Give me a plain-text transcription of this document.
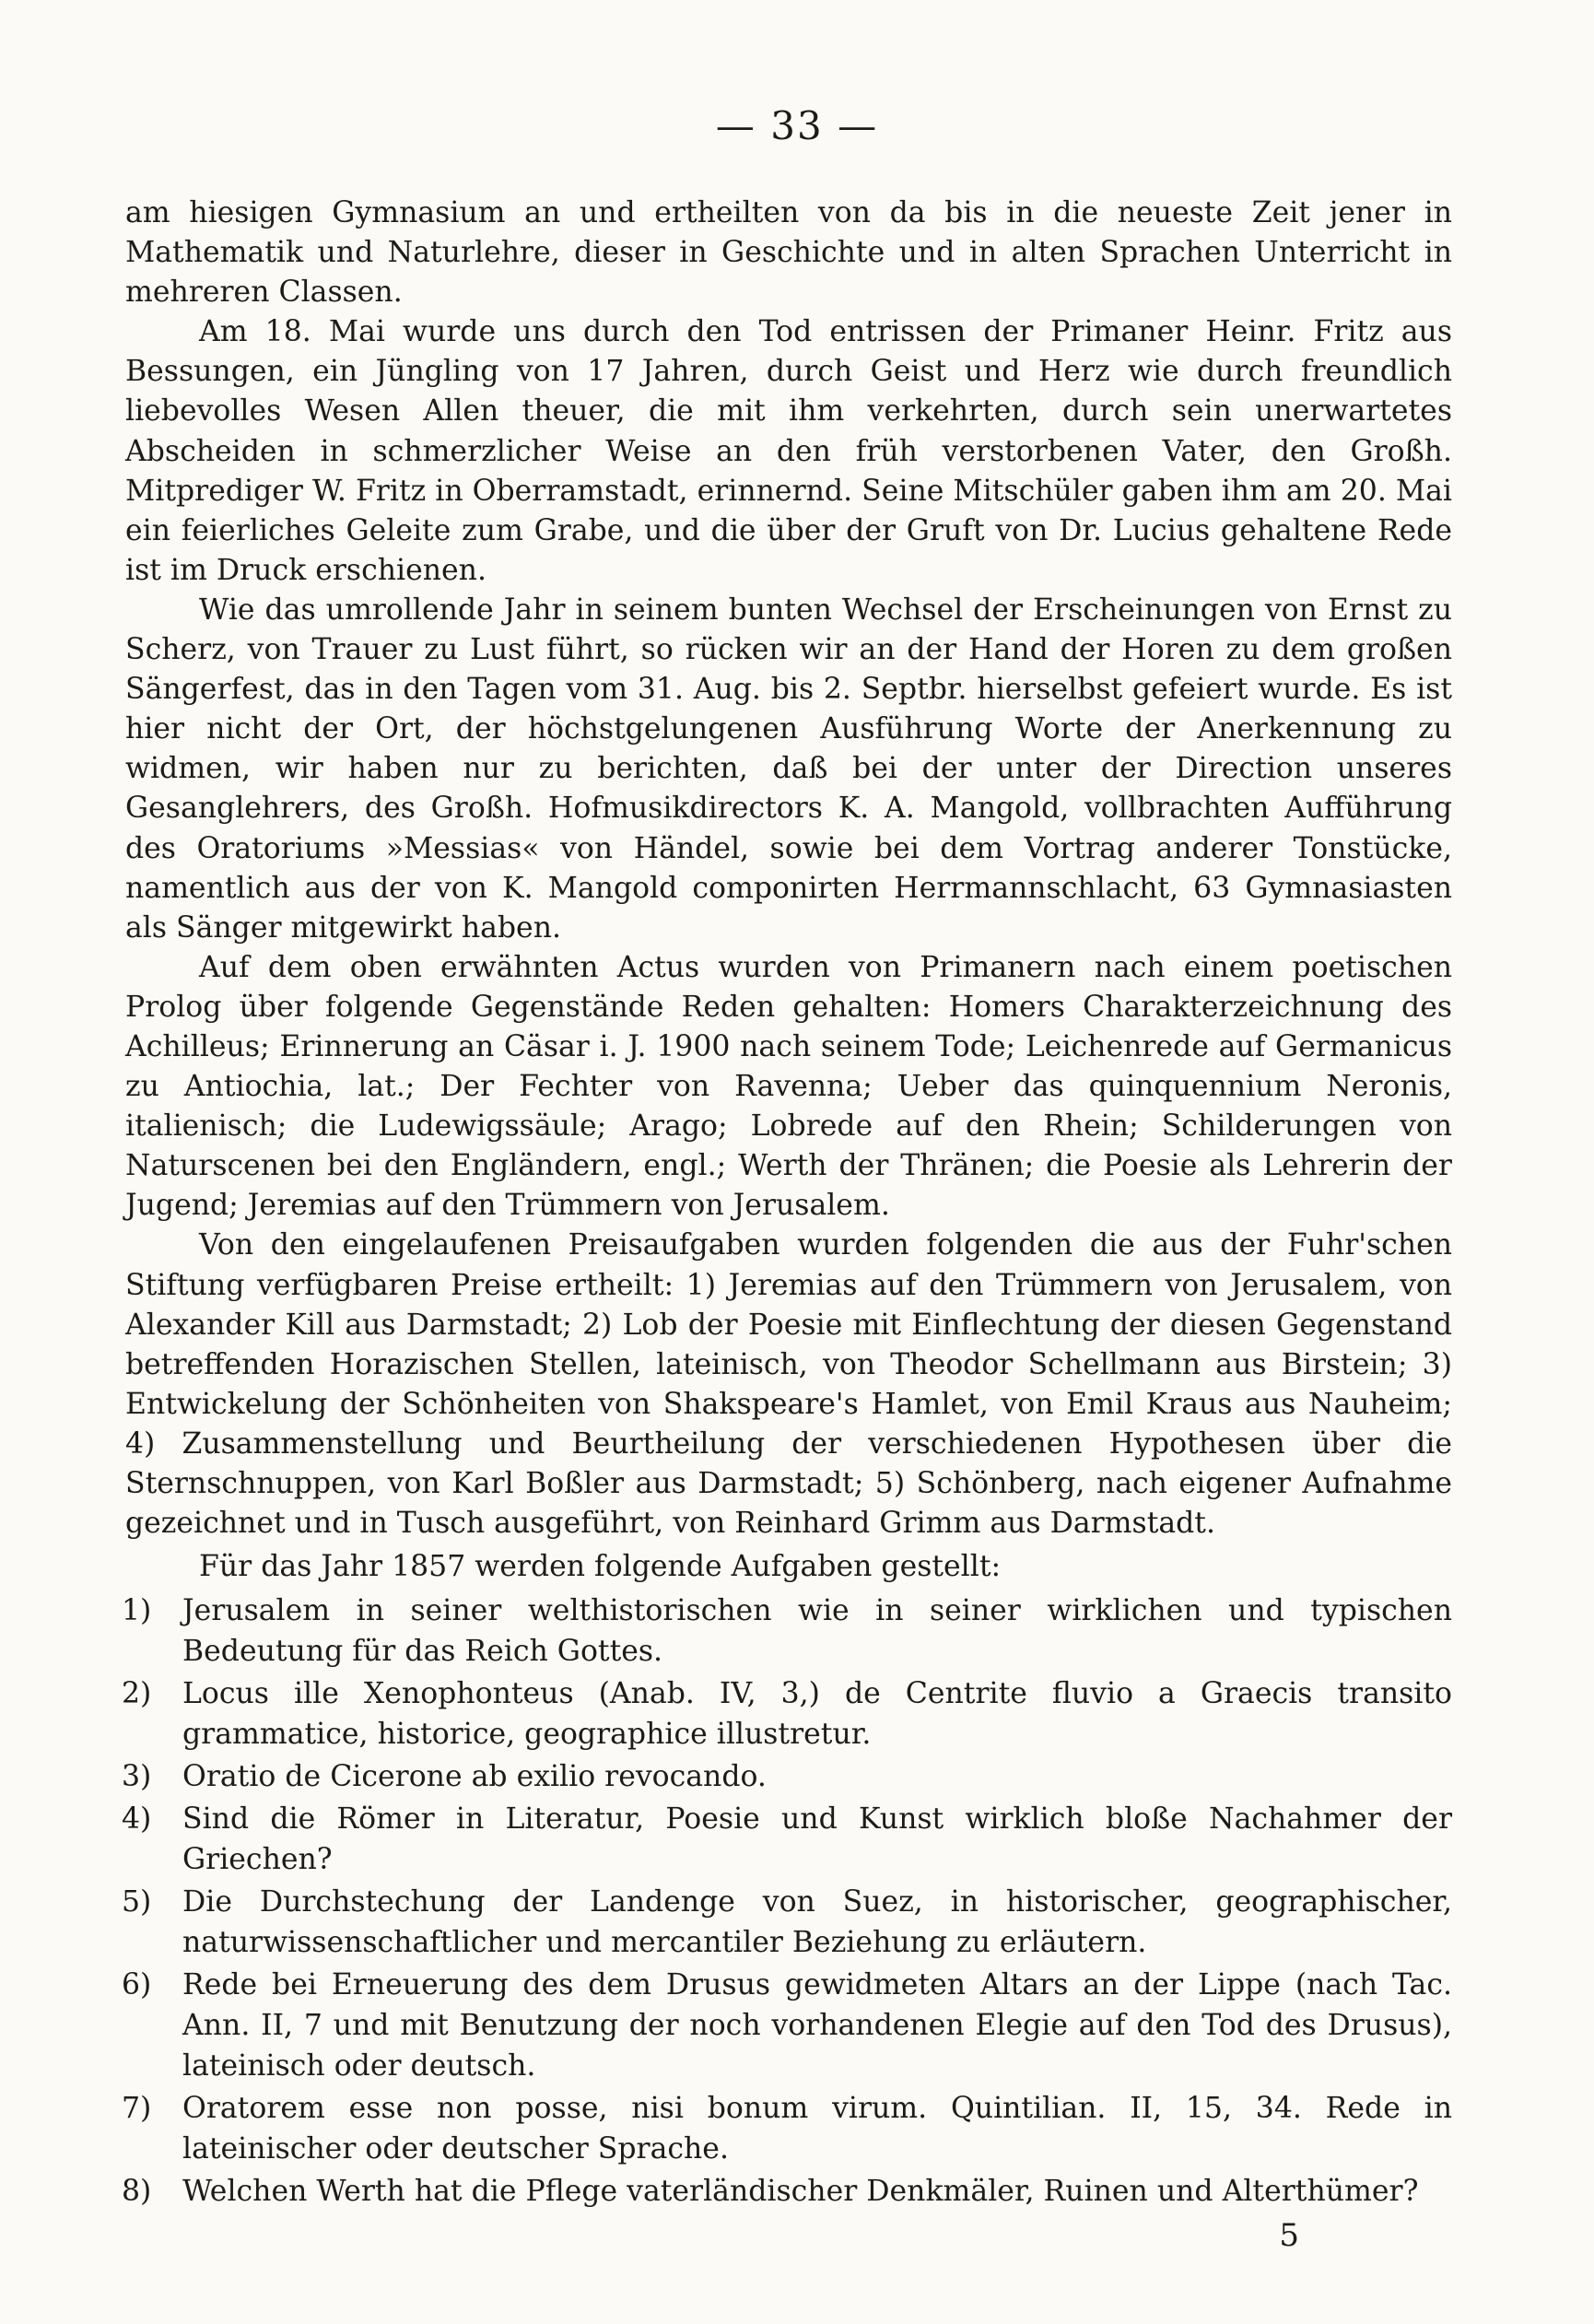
— 33 —

am hiesigen Gymnasium an und ertheilten von da bis in die neueste Zeit jener in Mathematik und Naturlehre, dieser in Geschichte und in alten Sprachen Unterricht in mehreren Classen.

Am 18. Mai wurde uns durch den Tod entrissen der Primaner Heinr. Fritz aus Bessungen, ein Jüngling von 17 Jahren, durch Geist und Herz wie durch freundlich liebevolles Wesen Allen theuer, die mit ihm verkehrten, durch sein unerwartetes Abscheiden in schmerzlicher Weise an den früh verstorbenen Vater, den Großh. Mitprediger W. Fritz in Oberramstadt, erinnernd. Seine Mitschüler gaben ihm am 20. Mai ein feierliches Geleite zum Grabe, und die über der Gruft von Dr. Lucius gehaltene Rede ist im Druck erschienen.

Wie das umrollende Jahr in seinem bunten Wechsel der Erscheinungen von Ernst zu Scherz, von Trauer zu Lust führt, so rücken wir an der Hand der Horen zu dem großen Sängerfest, das in den Tagen vom 31. Aug. bis 2. Septbr. hierselbst gefeiert wurde. Es ist hier nicht der Ort, der höchstgelungenen Ausführung Worte der Anerkennung zu widmen, wir haben nur zu berichten, daß bei der unter der Direction unseres Gesanglehrers, des Großh. Hofmusikdirectors K. A. Mangold, vollbrachten Aufführung des Oratoriums »Messias« von Händel, sowie bei dem Vortrag anderer Tonstücke, namentlich aus der von K. Mangold componirten Herrmannschlacht, 63 Gymnasiasten als Sänger mitgewirkt haben.

Auf dem oben erwähnten Actus wurden von Primanern nach einem poetischen Prolog über folgende Gegenstände Reden gehalten: Homers Charakterzeichnung des Achilleus; Erinnerung an Cäsar i. J. 1900 nach seinem Tode; Leichenrede auf Germanicus zu Antiochia, lat.; Der Fechter von Ravenna; Ueber das quinquennium Neronis, italienisch; die Ludewigssäule; Arago; Lobrede auf den Rhein; Schilderungen von Naturscenen bei den Engländern, engl.; Werth der Thränen; die Poesie als Lehrerin der Jugend; Jeremias auf den Trümmern von Jerusalem.

Von den eingelaufenen Preisaufgaben wurden folgenden die aus der Fuhr'schen Stiftung verfügbaren Preise ertheilt: 1) Jeremias auf den Trümmern von Jerusalem, von Alexander Kill aus Darmstadt; 2) Lob der Poesie mit Einflechtung der diesen Gegenstand betreffenden Horazischen Stellen, lateinisch, von Theodor Schellmann aus Birstein; 3) Entwickelung der Schönheiten von Shakspeare's Hamlet, von Emil Kraus aus Nauheim; 4) Zusammenstellung und Beurtheilung der verschiedenen Hypothesen über die Sternschnuppen, von Karl Boßler aus Darmstadt; 5) Schönberg, nach eigener Aufnahme gezeichnet und in Tusch ausgeführt, von Reinhard Grimm aus Darmstadt.

Für das Jahr 1857 werden folgende Aufgaben gestellt:

1) Jerusalem in seiner welthistorischen wie in seiner wirklichen und typischen Bedeutung für das Reich Gottes.
2) Locus ille Xenophonteus (Anab. IV, 3,) de Centrite fluvio a Graecis transito grammatice, historice, geographice illustretur.
3) Oratio de Cicerone ab exilio revocando.
4) Sind die Römer in Literatur, Poesie und Kunst wirklich bloße Nachahmer der Griechen?
5) Die Durchstechung der Landenge von Suez, in historischer, geographischer, naturwissenschaftlicher und mercantiler Beziehung zu erläutern.
6) Rede bei Erneuerung des dem Drusus gewidmeten Altars an der Lippe (nach Tac. Ann. II, 7 und mit Benutzung der noch vorhandenen Elegie auf den Tod des Drusus), lateinisch oder deutsch.
7) Oratorem esse non posse, nisi bonum virum. Quintilian. II, 15, 34. Rede in lateinischer oder deutscher Sprache.
8) Welchen Werth hat die Pflege vaterländischer Denkmäler, Ruinen und Alterthümer?
5
